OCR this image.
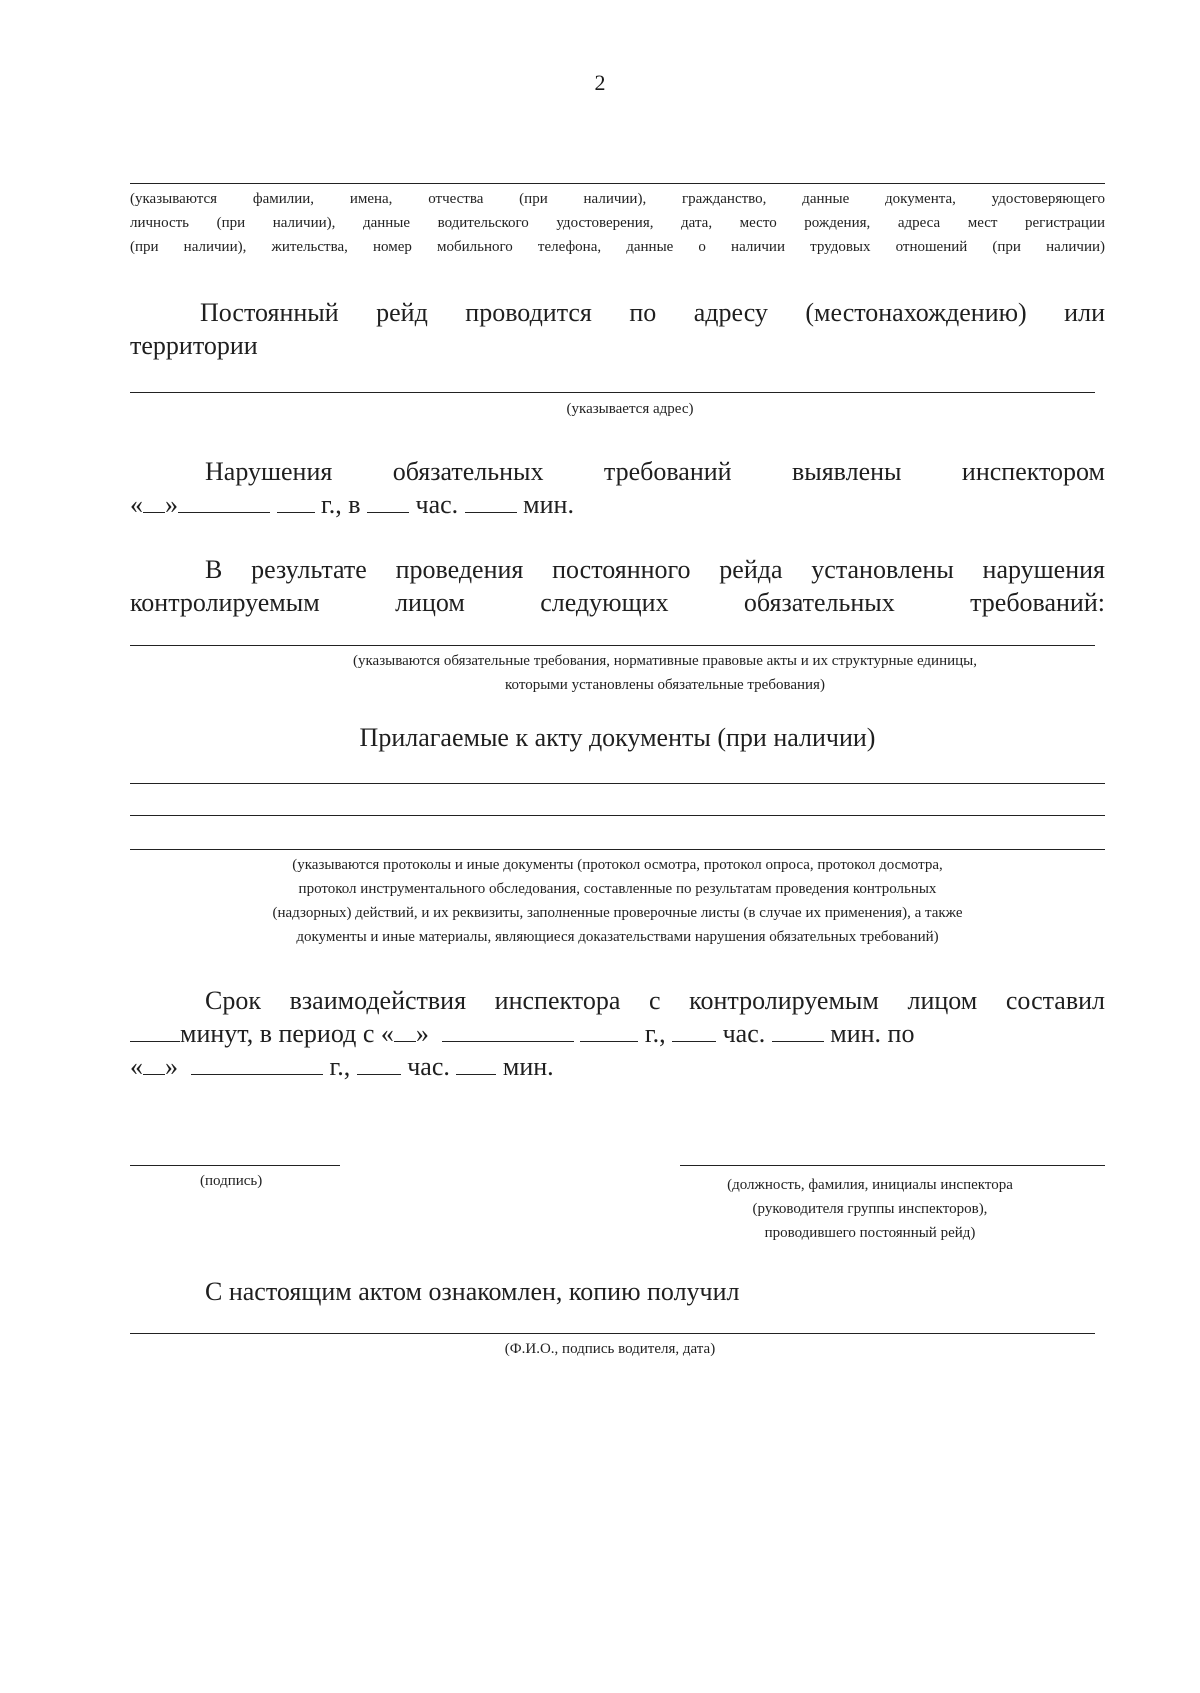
2
(указываются фамилии, имена, отчества (при наличии), гражданство, данные документа, удостоверяющего
личность (при наличии), данные водительского удостоверения, дата, место рождения, адреса мест регистрации
(при наличии), жительства, номер мобильного телефона, данные о наличии трудовых отношений (при наличии)
Постоянный рейд проводится по адресу (местонахождению) или
территории
(указывается адрес)
Нарушения обязательных требований выявлены инспектором
« »	г., в час.	мин.
В результате проведения постоянного рейда установлены нарушения
контролируемым лицом следующих обязательных требований:
(указываются обязательные требования, нормативные правовые акты и их структурные единицы,
которыми установлены обязательные требования)
Прилагаемые к акту документы (при наличии)
(указываются протоколы и иные документы (протокол осмотра, протокол опроса, протокол досмотра,
протокол инструментального обследования, составленные по результатам проведения контрольных
(надзорных) действий, и их реквизиты, заполненные проверочные листы (в случае их применения), а также
документы и иные материалы, являющиеся доказательствами нарушения обязательных требований)
Срок взаимодействия инспектора с контролируемым лицом составил
минут, в период с « »	г., час.	мин. по
« »	г., час. мин.
(подпись)	(должность, фамилия, инициалы инспектора
(руководителя группы инспекторов),
проводившего постоянный рейд)
С настоящим актом ознакомлен, копию получил
(Ф.И.О., подпись водителя, дата)
